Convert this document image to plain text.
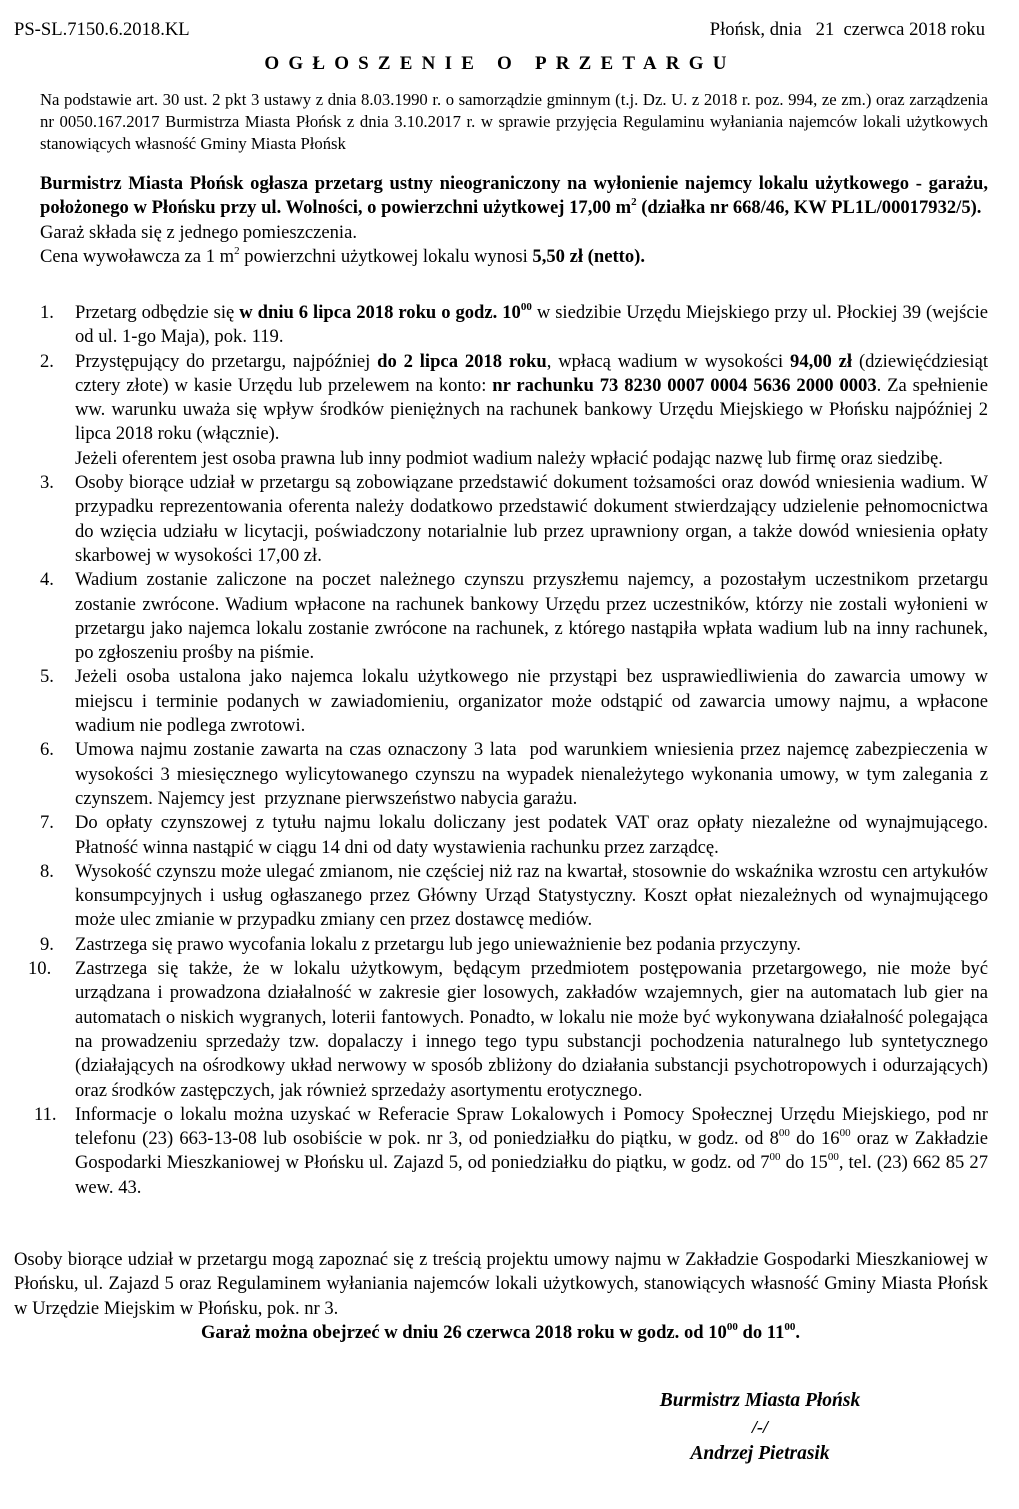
PS-SL.7150.6.2018.KL	Płońsk, dnia   21  czerwca 2018 roku
OGŁOSZENIE O PRZETARGU
Na podstawie art. 30 ust. 2 pkt 3 ustawy z dnia 8.03.1990 r. o samorządzie gminnym (t.j. Dz. U. z 2018 r. poz. 994, ze zm.) oraz zarządzenia nr 0050.167.2017 Burmistrza Miasta Płońsk z dnia 3.10.2017 r. w sprawie przyjęcia Regulaminu wyłaniania najemców lokali użytkowych stanowiących własność Gminy Miasta Płońsk
Burmistrz Miasta Płońsk ogłasza przetarg ustny nieograniczony na wyłonienie najemcy lokalu użytkowego - garażu, położonego w Płońsku przy ul. Wolności, o powierzchni użytkowej 17,00 $m^2$ (działka nr 668/46, KW PL1L/00017932/5).
Garaż składa się z jednego pomieszczenia.
Cena wywoławcza za 1 $m^2$ powierzchni użytkowej lokalu wynosi 5,50 zł (netto).
1. Przetarg odbędzie się w dniu 6 lipca 2018 roku o godz. $10^{00}$ w siedzibie Urzędu Miejskiego przy ul. Płockiej 39 (wejście od ul. 1-go Maja), pok. 119.

2. Przystępujący do przetargu, najpóźniej do 2 lipca 2018 roku, wpłacą wadium w wysokości 94,00 zł (dziewięćdziesiąt cztery złote) w kasie Urzędu lub przelewem na konto: nr rachunku 73 8230 0007 0004 5636 2000 0003. Za spełnienie ww. warunku uważa się wpływ środków pieniężnych na rachunek bankowy Urzędu Miejskiego w Płońsku najpóźniej 2 lipca 2018 roku (włącznie).

Jeżeli oferentem jest osoba prawna lub inny podmiot wadium należy wpłacić podając nazwę lub firmę oraz siedzibę.

3. Osoby biorące udział w przetargu są zobowiązane przedstawić dokument tożsamości oraz dowód wniesienia wadium. W przypadku reprezentowania oferenta należy dodatkowo przedstawić dokument stwierdzający udzielenie pełnomocnictwa do wzięcia udziału w licytacji, poświadczony notarialnie lub przez uprawniony organ, a także dowód wniesienia opłaty skarbowej w wysokości 17,00 zł.

4. Wadium zostanie zaliczone na poczet należnego czynszu przyszłemu najemcy, a pozostałym uczestnikom przetargu zostanie zwrócone. Wadium wpłacone na rachunek bankowy Urzędu przez uczestników, którzy nie zostali wyłonieni w przetargu jako najemca lokalu zostanie zwrócone na rachunek, z którego nastąpiła wpłata wadium lub na inny rachunek, po zgłoszeniu prośby na piśmie.

5. Jeżeli osoba ustalona jako najemca lokalu użytkowego nie przystąpi bez usprawiedliwienia do zawarcia umowy w miejscu i terminie podanych w zawiadomieniu, organizator może odstąpić od zawarcia umowy najmu, a wpłacone wadium nie podlega zwrotowi.

6. Umowa najmu zostanie zawarta na czas oznaczony 3 lata  pod warunkiem wniesienia przez najemcę zabezpieczenia w wysokości 3 miesięcznego wylicytowanego czynszu na wypadek nienależytego wykonania umowy, w tym zalegania z czynszem. Najemcy jest  przyznane pierwszeństwo nabycia garażu.

7. Do opłaty czynszowej z tytułu najmu lokalu doliczany jest podatek VAT oraz opłaty niezależne od wynajmującego. Płatność winna nastąpić w ciągu 14 dni od daty wystawienia rachunku przez zarządcę.

8. Wysokość czynszu może ulegać zmianom, nie częściej niż raz na kwartał, stosownie do wskaźnika wzrostu cen artykułów konsumpcyjnych i usług ogłaszanego przez Główny Urząd Statystyczny. Koszt opłat niezależnych od wynajmującego może ulec zmianie w przypadku zmiany cen przez dostawcę mediów.

9. Zastrzega się prawo wycofania lokalu z przetargu lub jego unieważnienie bez podania przyczyny.

10. Zastrzega się także, że w lokalu użytkowym, będącym przedmiotem postępowania przetargowego, nie może być urządzana i prowadzona działalność w zakresie gier losowych, zakładów wzajemnych, gier na automatach lub gier na automatach o niskich wygranych, loterii fantowych. Ponadto, w lokalu nie może być wykonywana działalność polegająca na prowadzeniu sprzedaży tzw. dopalaczy i innego tego typu substancji pochodzenia naturalnego lub syntetycznego (działających na ośrodkowy układ nerwowy w sposób zbliżony do działania substancji psychotropowych i odurzających) oraz środków zastępczych, jak również sprzedaży asortymentu erotycznego.

11. Informacje o lokalu można uzyskać w Referacie Spraw Lokalowych i Pomocy Społecznej Urzędu Miejskiego, pod nr telefonu (23) 663-13-08 lub osobiście w pok. nr 3, od poniedziałku do piątku, w godz. od $8^{00}$ do $16^{00}$ oraz w Zakładzie Gospodarki Mieszkaniowej w Płońsku ul. Zajazd 5, od poniedziałku do piątku, w godz. od $7^{00}$ do $15^{00}$, tel. (23) 662 85 27 wew. 43.

Osoby biorące udział w przetargu mogą zapoznać się z treścią projektu umowy najmu w Zakładzie Gospodarki Mieszkaniowej w Płońsku, ul. Zajazd 5 oraz Regulaminem wyłaniania najemców lokali użytkowych, stanowiących własność Gminy Miasta Płońsk w Urzędzie Miejskim w Płońsku, pok. nr 3.
Garaż można obejrzeć w dniu 26 czerwca 2018 roku w godz. od $10^{00}$ do $11^{00}$.
Burmistrz Miasta Płońsk
/-/
Andrzej Pietrasik
